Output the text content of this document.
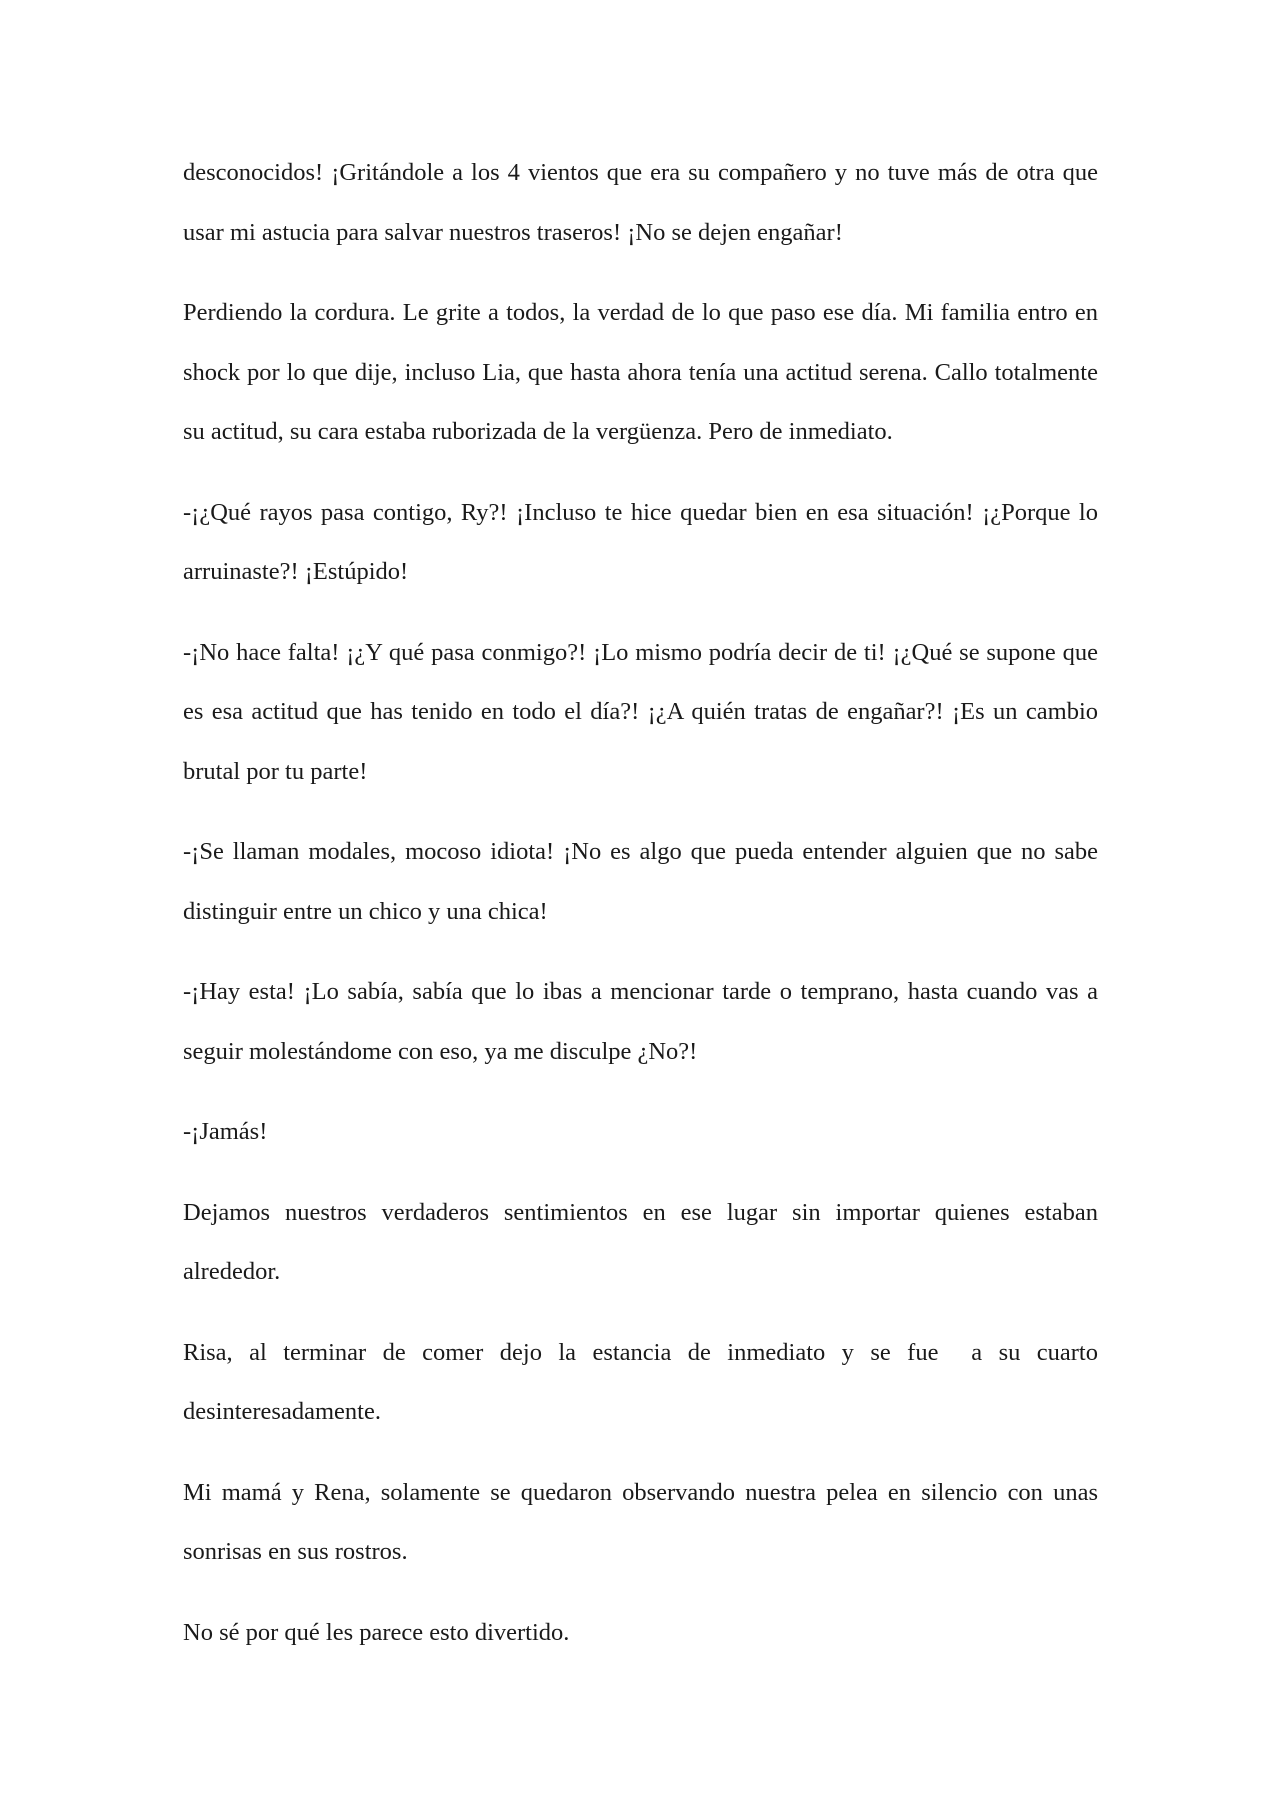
desconocidos! ¡Gritándole a los 4 vientos que era su compañero y no tuve más de otra que usar mi astucia para salvar nuestros traseros! ¡No se dejen engañar!

Perdiendo la cordura. Le grite a todos, la verdad de lo que paso ese día. Mi familia entro en shock por lo que dije, incluso Lia, que hasta ahora tenía una actitud serena. Callo totalmente su actitud, su cara estaba ruborizada de la vergüenza. Pero de inmediato.

-¡¿Qué rayos pasa contigo, Ry?! ¡Incluso te hice quedar bien en esa situación! ¡¿Porque lo arruinaste?! ¡Estúpido!

-¡No hace falta! ¡¿Y qué pasa conmigo?! ¡Lo mismo podría decir de ti! ¡¿Qué se supone que es esa actitud que has tenido en todo el día?! ¡¿A quién tratas de engañar?! ¡Es un cambio brutal por tu parte!

-¡Se llaman modales, mocoso idiota! ¡No es algo que pueda entender alguien que no sabe distinguir entre un chico y una chica!

-¡Hay esta! ¡Lo sabía, sabía que lo ibas a mencionar tarde o temprano, hasta cuando vas a seguir molestándome con eso, ya me disculpe ¿No?!

-¡Jamás!

Dejamos nuestros verdaderos sentimientos en ese lugar sin importar quienes estaban alrededor.

Risa, al terminar de comer dejo la estancia de inmediato y se fue  a su cuarto desinteresadamente.

Mi mamá y Rena, solamente se quedaron observando nuestra pelea en silencio con unas sonrisas en sus rostros.

No sé por qué les parece esto divertido.
